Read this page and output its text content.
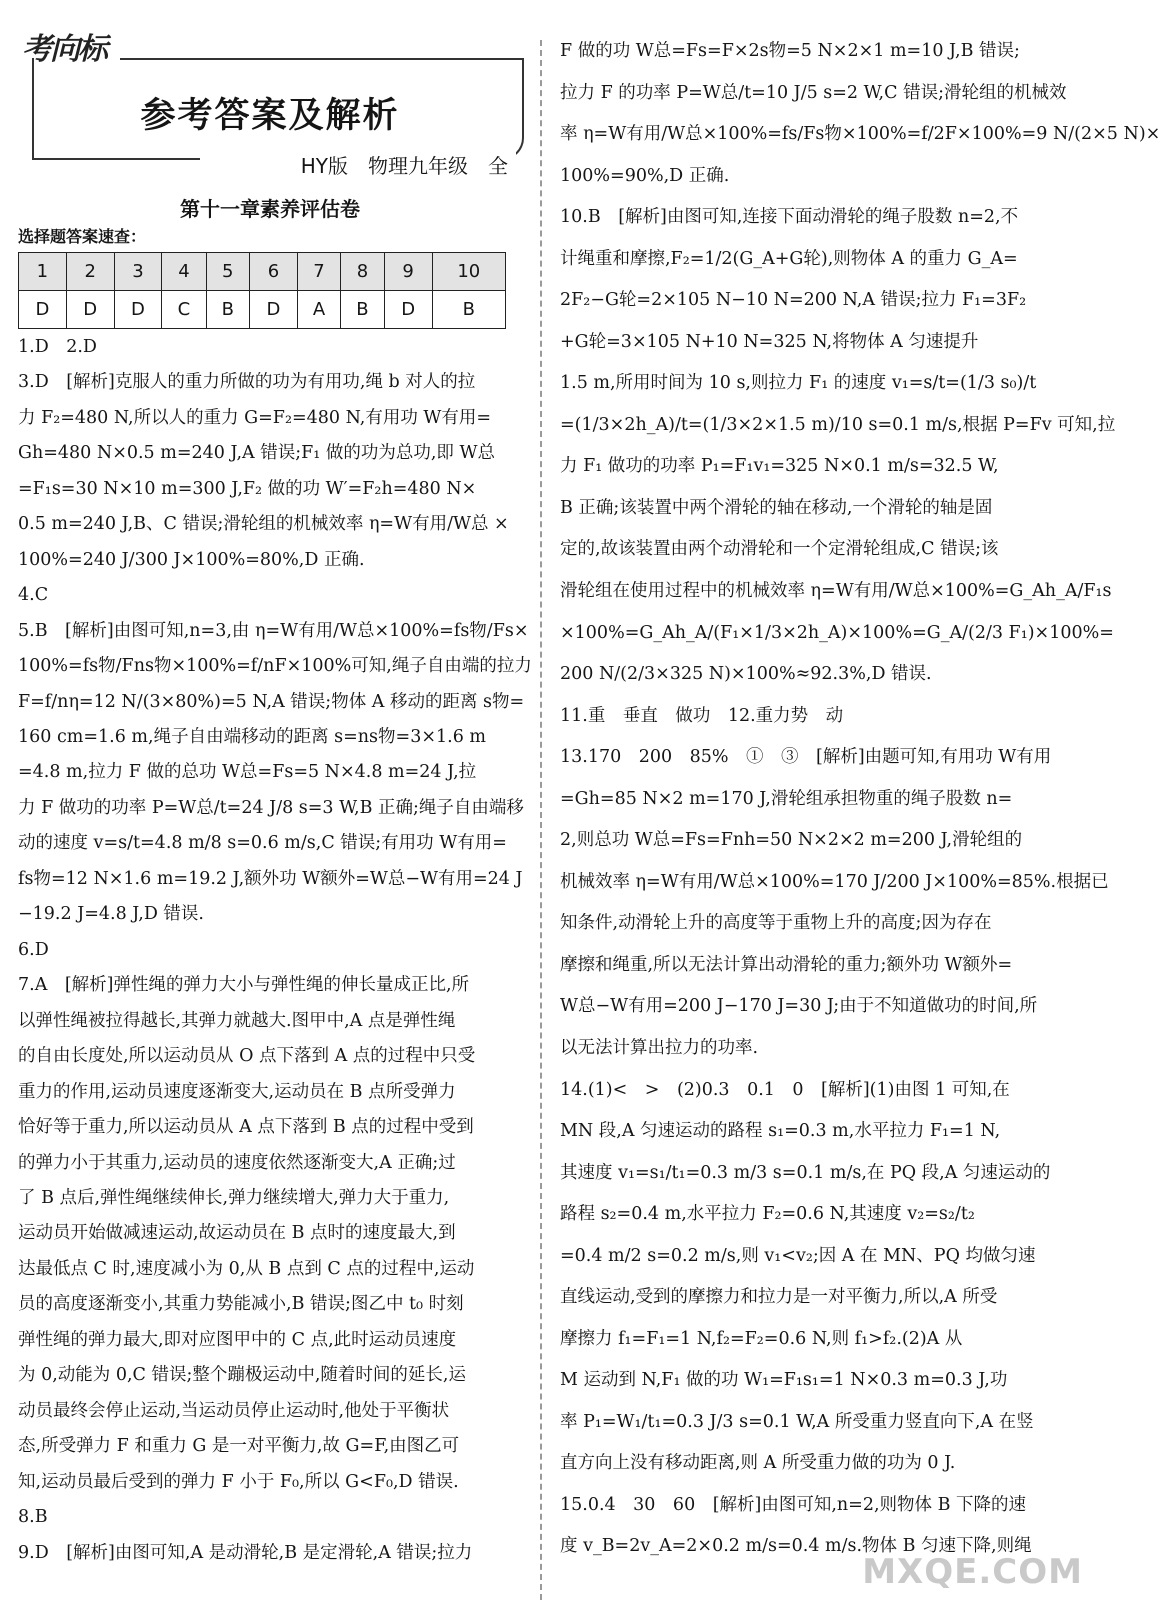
考向标
参考答案及解析
HY版　物理九年级　全
第十一章素养评估卷
选择题答案速查：
1	2	3	4	5	6	7	8	9	10
D	D	D	C	B	D	A	B	D	B
1.D　2.D
3.D　[解析]克服人的重力所做的功为有用功,绳 b 对人的拉
力 F₂=480 N,所以人的重力 G=F₂=480 N,有用功 W有用=
Gh=480 N×0.5 m=240 J,A 错误;F₁ 做的功为总功,即 W总
=F₁s=30 N×10 m=300 J,F₂ 做的功 W′=F₂h=480 N×
0.5 m=240 J,B、C 错误;滑轮组的机械效率 η=W有用/W总 ×
100%=240 J/300 J×100%=80%,D 正确.
4.C
5.B　[解析]由图可知,n=3,由 η=W有用/W总×100%=fs物/Fs×
100%=fs物/Fns物×100%=f/nF×100%可知,绳子自由端的拉力
F=f/nη=12 N/(3×80%)=5 N,A 错误;物体 A 移动的距离 s物=
160 cm=1.6 m,绳子自由端移动的距离 s=ns物=3×1.6 m
=4.8 m,拉力 F 做的总功 W总=Fs=5 N×4.8 m=24 J,拉
力 F 做功的功率 P=W总/t=24 J/8 s=3 W,B 正确;绳子自由端移
动的速度 v=s/t=4.8 m/8 s=0.6 m/s,C 错误;有用功 W有用=
fs物=12 N×1.6 m=19.2 J,额外功 W额外=W总−W有用=24 J
−19.2 J=4.8 J,D 错误.
6.D
7.A　[解析]弹性绳的弹力大小与弹性绳的伸长量成正比,所
以弹性绳被拉得越长,其弹力就越大.图甲中,A 点是弹性绳
的自由长度处,所以运动员从 O 点下落到 A 点的过程中只受
重力的作用,运动员速度逐渐变大,运动员在 B 点所受弹力
恰好等于重力,所以运动员从 A 点下落到 B 点的过程中受到
的弹力小于其重力,运动员的速度依然逐渐变大,A 正确;过
了 B 点后,弹性绳继续伸长,弹力继续增大,弹力大于重力,
运动员开始做减速运动,故运动员在 B 点时的速度最大,到
达最低点 C 时,速度减小为 0,从 B 点到 C 点的过程中,运动
员的高度逐渐变小,其重力势能减小,B 错误;图乙中 t₀ 时刻
弹性绳的弹力最大,即对应图甲中的 C 点,此时运动员速度
为 0,动能为 0,C 错误;整个蹦极运动中,随着时间的延长,运
动员最终会停止运动,当运动员停止运动时,他处于平衡状
态,所受弹力 F 和重力 G 是一对平衡力,故 G=F,由图乙可
知,运动员最后受到的弹力 F 小于 F₀,所以 G<F₀,D 错误.
8.B
9.D　[解析]由图可知,A 是动滑轮,B 是定滑轮,A 错误;拉力
F 做的功 W总=Fs=F×2s物=5 N×2×1 m=10 J,B 错误;
拉力 F 的功率 P=W总/t=10 J/5 s=2 W,C 错误;滑轮组的机械效
率 η=W有用/W总×100%=fs/Fs物×100%=f/2F×100%=9 N/(2×5 N)×
100%=90%,D 正确.
10.B　[解析]由图可知,连接下面动滑轮的绳子股数 n=2,不
计绳重和摩擦,F₂=1/2(G_A+G轮),则物体 A 的重力 G_A=
2F₂−G轮=2×105 N−10 N=200 N,A 错误;拉力 F₁=3F₂
+G轮=3×105 N+10 N=325 N,将物体 A 匀速提升
1.5 m,所用时间为 10 s,则拉力 F₁ 的速度 v₁=s/t=(1/3 s₀)/t
=(1/3×2h_A)/t=(1/3×2×1.5 m)/10 s=0.1 m/s,根据 P=Fv 可知,拉
力 F₁ 做功的功率 P₁=F₁v₁=325 N×0.1 m/s=32.5 W,
B 正确;该装置中两个滑轮的轴在移动,一个滑轮的轴是固
定的,故该装置由两个动滑轮和一个定滑轮组成,C 错误;该
滑轮组在使用过程中的机械效率 η=W有用/W总×100%=G_Ah_A/F₁s
×100%=G_Ah_A/(F₁×1/3×2h_A)×100%=G_A/(2/3 F₁)×100%=
200 N/(2/3×325 N)×100%≈92.3%,D 错误.
11.重　垂直　做功　12.重力势　动
13.170　200　85%　①　③　[解析]由题可知,有用功 W有用
=Gh=85 N×2 m=170 J,滑轮组承担物重的绳子股数 n=
2,则总功 W总=Fs=Fnh=50 N×2×2 m=200 J,滑轮组的
机械效率 η=W有用/W总×100%=170 J/200 J×100%=85%.根据已
知条件,动滑轮上升的高度等于重物上升的高度;因为存在
摩擦和绳重,所以无法计算出动滑轮的重力;额外功 W额外=
W总−W有用=200 J−170 J=30 J;由于不知道做功的时间,所
以无法计算出拉力的功率.
14.(1)<　>　(2)0.3　0.1　0　[解析](1)由图 1 可知,在
MN 段,A 匀速运动的路程 s₁=0.3 m,水平拉力 F₁=1 N,
其速度 v₁=s₁/t₁=0.3 m/3 s=0.1 m/s,在 PQ 段,A 匀速运动的
路程 s₂=0.4 m,水平拉力 F₂=0.6 N,其速度 v₂=s₂/t₂
=0.4 m/2 s=0.2 m/s,则 v₁<v₂;因 A 在 MN、PQ 均做匀速
直线运动,受到的摩擦力和拉力是一对平衡力,所以,A 所受
摩擦力 f₁=F₁=1 N,f₂=F₂=0.6 N,则 f₁>f₂.(2)A 从
M 运动到 N,F₁ 做的功 W₁=F₁s₁=1 N×0.3 m=0.3 J,功
率 P₁=W₁/t₁=0.3 J/3 s=0.1 W,A 所受重力竖直向下,A 在竖
直方向上没有移动距离,则 A 所受重力做的功为 0 J.
15.0.4　30　60　[解析]由图可知,n=2,则物体 B 下降的速
度 v_B=2v_A=2×0.2 m/s=0.4 m/s.物体 B 匀速下降,则绳
MXQE.COM
